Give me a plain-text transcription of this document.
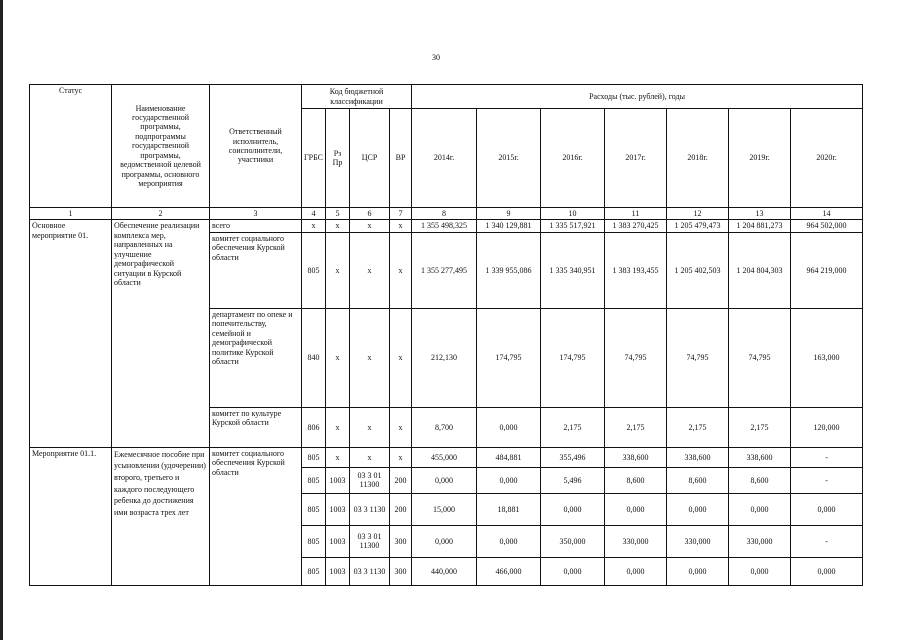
30
Статус	Наименование государственной программы, подпрограммы государственной программы, ведомственной целевой программы, основного мероприятия	Ответственный исполнитель, соисполнители, участники	Код бюджетной классификации				Расходы (тыс. рублей), годы						
			ГРБС	Рз Пр	ЦСР	ВР	2014г.	2015г.	2016г.	2017г.	2018г.	2019г.	2020г.
1	2	3	4	5	6	7	8	9	10	11	12	13	14
Основное мероприятие 01.	Обеспечение реализации комплекса мер, направленных на улучшение демографической ситуации в Курской области	всего	x	x	x	x	1 355 498,325	1 340 129,881	1 335 517,921	1 383 270,425	1 205 479,473	1 204 881,273	964 502,000
		комитет социального обеспечения Курской области	805	x	x	x	1 355 277,495	1 339 955,086	1 335 340,951	1 383 193,455	1 205 402,503	1 204 804,303	964 219,000
		департамент по опеке и попечительству, семейной и демографической политике Курской области	840	x	x	x	212,130	174,795	174,795	74,795	74,795	74,795	163,000
		комитет по культуре Курской области	806	x	x	x	8,700	0,000	2,175	2,175	2,175	2,175	120,000
Мероприятие 01.1.	Ежемесячное пособие при усыновлении (удочерении) второго, третьего и каждого последующего ребенка до достижения ими возраста трех лет	комитет социального обеспечения Курской области	805	x	x	x	455,000	484,881	355,496	338,600	338,600	338,600	-
			805	1003	03 3 01 11300	200	0,000	0,000	5,496	8,600	8,600	8,600	-
			805	1003	03 3 1130	200	15,000	18,881	0,000	0,000	0,000	0,000	0,000
			805	1003	03 3 01 11300	300	0,000	0,000	350,000	330,000	330,000	330,000	-
			805	1003	03 3 1130	300	440,000	466,000	0,000	0,000	0,000	0,000	0,000
